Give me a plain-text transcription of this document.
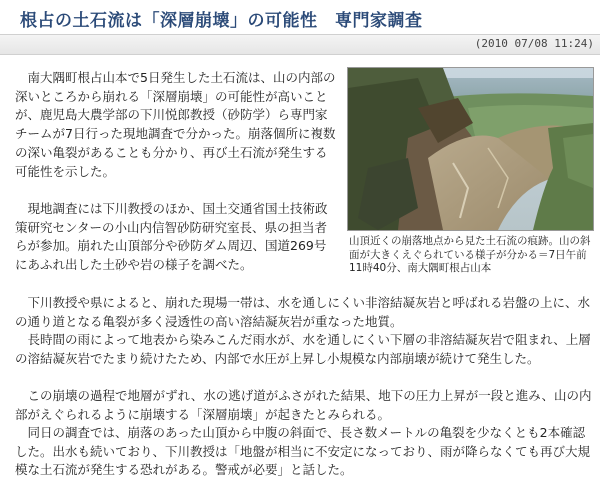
根占の土石流は「深層崩壊」の可能性　専門家調査
(2010 07/08 11:24)
山頂近くの崩落地点から見た土石流の痕跡。山の斜面が大きくえぐられている様子が分かる＝7日午前11時40分、南大隅町根占山本

南大隅町根占山本で5日発生した土石流は、山の内部の深いところから崩れる「深層崩壊」の可能性が高いことが、鹿児島大農学部の下川悦郎教授（砂防学）ら専門家チームが7日行った現地調査で分かった。崩落個所に複数の深い亀裂があることも分かり、再び土石流が発生する可能性を示した。

現地調査には下川教授のほか、国土交通省国土技術政策研究センターの小山内信智砂防研究室長、県の担当者らが参加。崩れた山頂部分や砂防ダム周辺、国道269号にあふれ出した土砂や岩の様子を調べた。

下川教授や県によると、崩れた現場一帯は、水を通しにくい非溶結凝灰岩と呼ばれる岩盤の上に、水の通り道となる亀裂が多く浸透性の高い溶結凝灰岩が重なった地質。

長時間の雨によって地表から染みこんだ雨水が、水を通しにくい下層の非溶結凝灰岩で阻まれ、上層の溶結凝灰岩でたまり続けたため、内部で水圧が上昇し小規模な内部崩壊が続けて発生した。

この崩壊の過程で地層がずれ、水の逃げ道がふさがれた結果、地下の圧力上昇が一段と進み、山の内部がえぐられるように崩壊する「深層崩壊」が起きたとみられる。

同日の調査では、崩落のあった山頂から中腹の斜面で、長さ数メートルの亀裂を少なくとも2本確認した。出水も続いており、下川教授は「地盤が相当に不安定になっており、雨が降らなくても再び大規模な土石流が発生する恐れがある。警戒が必要」と話した。
